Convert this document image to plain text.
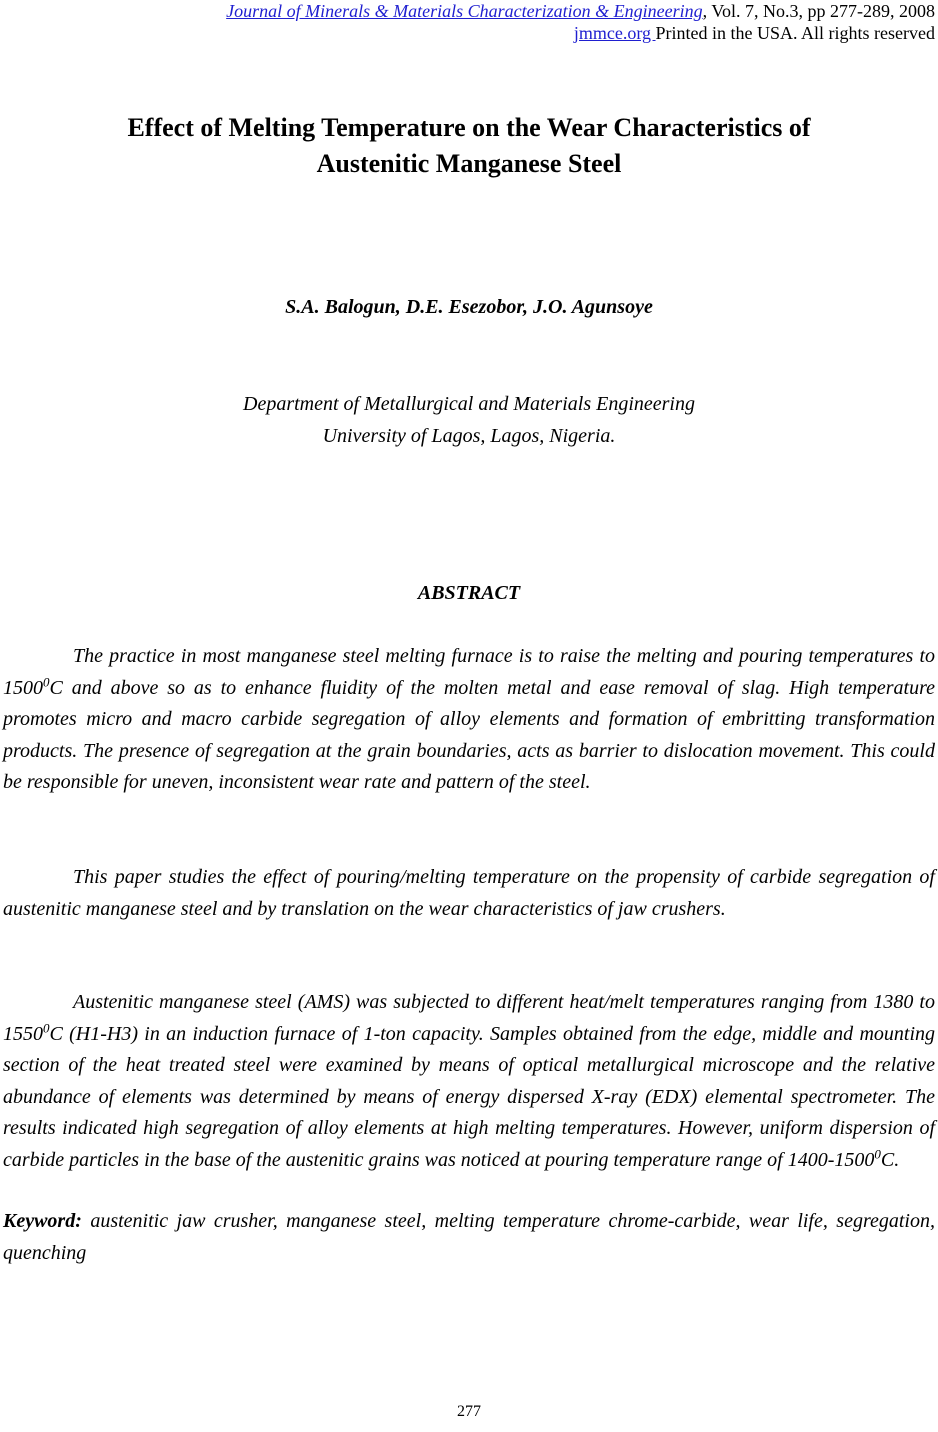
Journal of Minerals & Materials Characterization & Engineering, Vol. 7, No.3, pp 277-289, 2008
jmmce.org Printed in the USA. All rights reserved
Effect of Melting Temperature on the Wear Characteristics of
Austenitic Manganese Steel
S.A. Balogun, D.E. Esezobor, J.O. Agunsoye
Department of Metallurgical and Materials Engineering
University of Lagos, Lagos, Nigeria.
ABSTRACT

The practice in most manganese steel melting furnace is to raise the melting and pouring temperatures to 1500$^0$C and above so as to enhance fluidity of the molten metal and ease removal of slag. High temperature promotes micro and macro carbide segregation of alloy elements and formation of embritting transformation products. The presence of segregation at the grain boundaries, acts as barrier to dislocation movement. This could be responsible for uneven, inconsistent wear rate and pattern of the steel.

This paper studies the effect of pouring/melting temperature on the propensity of carbide segregation of austenitic manganese steel and by translation on the wear characteristics of jaw crushers.

Austenitic manganese steel (AMS) was subjected to different heat/melt temperatures ranging from 1380 to 1550$^0$C (H1-H3) in an induction furnace of 1-ton capacity. Samples obtained from the edge, middle and mounting section of the heat treated steel were examined by means of optical metallurgical microscope and the relative abundance of elements was determined by means of energy dispersed X-ray (EDX) elemental spectrometer. The results indicated high segregation of alloy elements at high melting temperatures. However, uniform dispersion of carbide particles in the base of the austenitic grains was noticed at pouring temperature range of 1400-1500$^0$C.

Keyword: austenitic jaw crusher, manganese steel, melting temperature chrome-carbide, wear life, segregation, quenching

277
